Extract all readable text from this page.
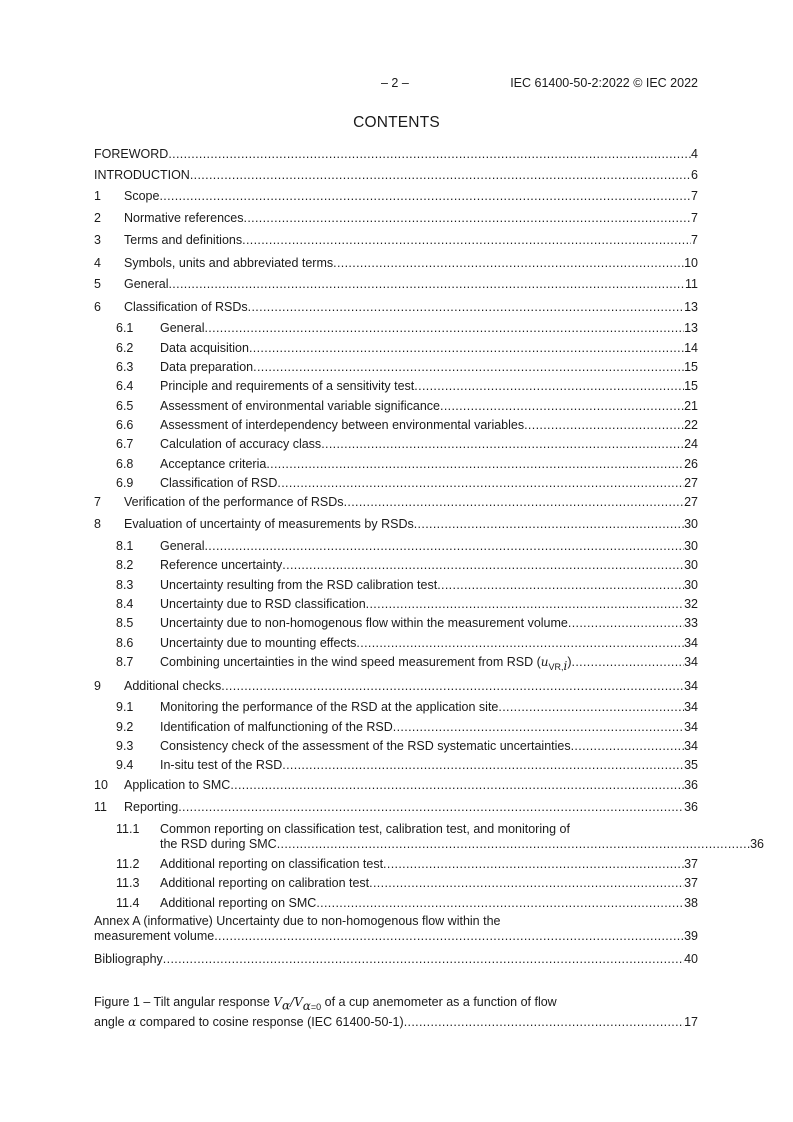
– 2 –	IEC 61400-50-2:2022 © IEC 2022
CONTENTS
FOREWORD .....	4
INTRODUCTION .....	6
1	Scope .....	7
2	Normative references .....	7
3	Terms and definitions .....	7
4	Symbols, units and abbreviated terms .....	10
5	General .....	11
6	Classification of RSDs .....	13
6.1	General .....	13
6.2	Data acquisition .....	14
6.3	Data preparation .....	15
6.4	Principle and requirements of a sensitivity test .....	15
6.5	Assessment of environmental variable significance .....	21
6.6	Assessment of interdependency between environmental variables .....	22
6.7	Calculation of accuracy class .....	24
6.8	Acceptance criteria .....	26
6.9	Classification of RSD .....	27
7	Verification of the performance of RSDs .....	27
8	Evaluation of uncertainty of measurements by RSDs .....	30
8.1	General .....	30
8.2	Reference uncertainty .....	30
8.3	Uncertainty resulting from the RSD calibration test .....	30
8.4	Uncertainty due to RSD classification .....	32
8.5	Uncertainty due to non-homogenous flow within the measurement volume .....	33
8.6	Uncertainty due to mounting effects .....	34
8.7	Combining uncertainties in the wind speed measurement from RSD $(u_{VR,i})$ .....	34
9	Additional checks .....	34
9.1	Monitoring the performance of the RSD at the application site .....	34
9.2	Identification of malfunctioning of the RSD .....	34
9.3	Consistency check of the assessment of the RSD systematic uncertainties .....	34
9.4	In-situ test of the RSD .....	35
10	Application to SMC .....	36
11	Reporting .....	36
11.1	Common reporting on classification test, calibration test, and monitoring of
the RSD during SMC .....	36
11.2	Additional reporting on classification test .....	37
11.3	Additional reporting on calibration test .....	37
11.4	Additional reporting on SMC .....	38
Annex A (informative) Uncertainty due to non-homogenous flow within the
measurement volume .....	39
Bibliography .....	40
Figure 1 – Tilt angular response $V_\alpha/V_{\alpha=0}$ of a cup anemometer as a function of flow
angle α compared to cosine response (IEC 61400-50-1) .....	17
